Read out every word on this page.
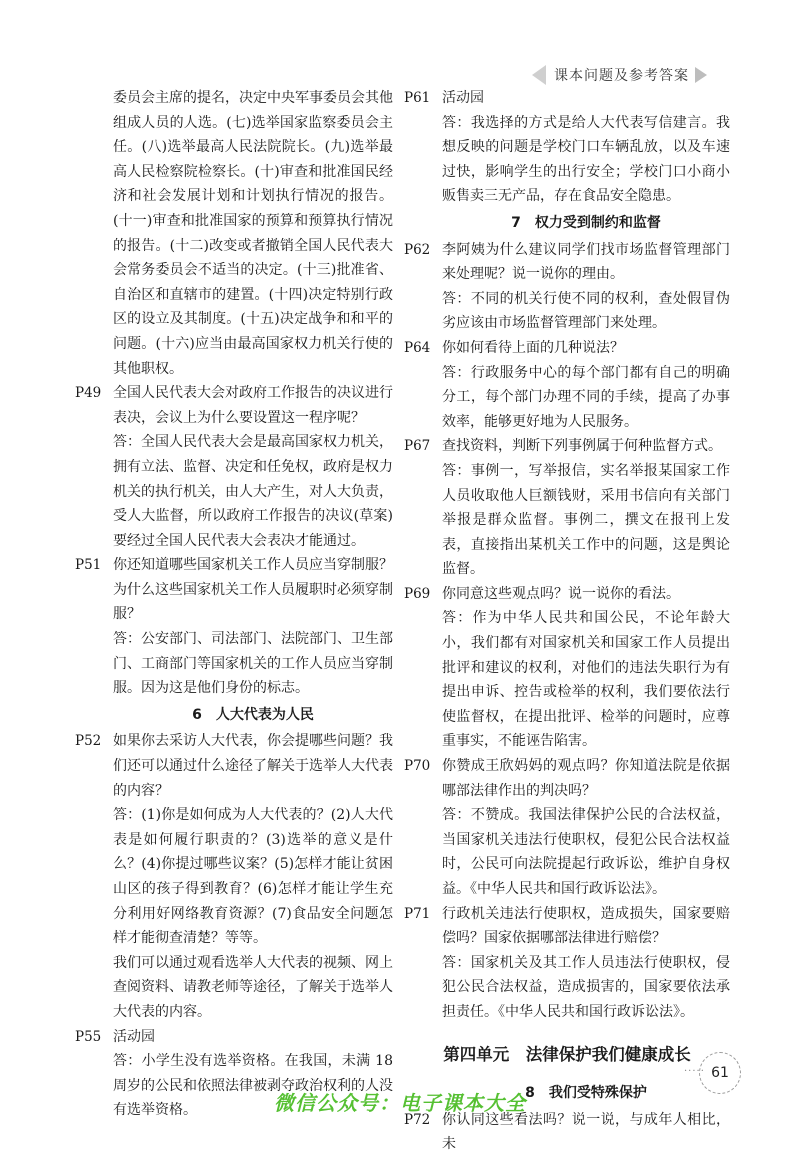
课本问题及参考答案
委员会主席的提名，决定中央军事委员会其他组成人员的人选。(七)选举国家监察委员会主任。(八)选举最高人民法院院长。(九)选举最高人民检察院检察长。(十)审查和批准国民经济和社会发展计划和计划执行情况的报告。(十一)审查和批准国家的预算和预算执行情况的报告。(十二)改变或者撤销全国人民代表大会常务委员会不适当的决定。(十三)批准省、自治区和直辖市的建置。(十四)决定特别行政区的设立及其制度。(十五)决定战争和和平的问题。(十六)应当由最高国家权力机关行使的其他职权。
P49 全国人民代表大会对政府工作报告的决议进行表决，会议上为什么要设置这一程序呢？
答：全国人民代表大会是最高国家权力机关，拥有立法、监督、决定和任免权，政府是权力机关的执行机关，由人大产生，对人大负责，受人大监督，所以政府工作报告的决议(草案)要经过全国人民代表大会表决才能通过。
P51 你还知道哪些国家机关工作人员应当穿制服？为什么这些国家机关工作人员履职时必须穿制服？
答：公安部门、司法部门、法院部门、卫生部门、工商部门等国家机关的工作人员应当穿制服。因为这是他们身份的标志。
6　人大代表为人民
P52 如果你去采访人大代表，你会提哪些问题？我们还可以通过什么途径了解关于选举人大代表的内容？
答：(1)你是如何成为人大代表的？(2)人大代表是如何履行职责的？(3)选举的意义是什么？(4)你提过哪些议案？(5)怎样才能让贫困山区的孩子得到教育？(6)怎样才能让学生充分利用好网络教育资源？(7)食品安全问题怎样才能彻查清楚？等等。
我们可以通过观看选举人大代表的视频、网上查阅资料、请教老师等途径，了解关于选举人大代表的内容。
P55 活动园
答：小学生没有选举资格。在我国，未满 18 周岁的公民和依照法律被剥夺政治权利的人没有选举资格。
P61 活动园
答：我选择的方式是给人大代表写信建言。我想反映的问题是学校门口车辆乱放，以及车速过快，影响学生的出行安全；学校门口小商小贩售卖三无产品，存在食品安全隐患。
7　权力受到制约和监督
P62 李阿姨为什么建议同学们找市场监督管理部门来处理呢？说一说你的理由。
答：不同的机关行使不同的权利，查处假冒伪劣应该由市场监督管理部门来处理。
P64 你如何看待上面的几种说法？
答：行政服务中心的每个部门都有自己的明确分工，每个部门办理不同的手续，提高了办事效率，能够更好地为人民服务。
P67 查找资料，判断下列事例属于何种监督方式。
答：事例一，写举报信，实名举报某国家工作人员收取他人巨额钱财，采用书信向有关部门举报是群众监督。事例二，撰文在报刊上发表，直接指出某机关工作中的问题，这是舆论监督。
P69 你同意这些观点吗？说一说你的看法。
答：作为中华人民共和国公民，不论年龄大小，我们都有对国家机关和国家工作人员提出批评和建议的权利，对他们的违法失职行为有提出申诉、控告或检举的权利，我们要依法行使监督权，在提出批评、检举的问题时，应尊重事实，不能诬告陷害。
P70 你赞成王欣妈妈的观点吗？你知道法院是依据哪部法律作出的判决吗？
答：不赞成。我国法律保护公民的合法权益，当国家机关违法行使职权，侵犯公民合法权益时，公民可向法院提起行政诉讼，维护自身权益。《中华人民共和国行政诉讼法》。
P71 行政机关违法行使职权，造成损失，国家要赔偿吗？国家依据哪部法律进行赔偿？
答：国家机关及其工作人员违法行使职权，侵犯公民合法权益，造成损害的，国家要依法承担责任。《中华人民共和国行政诉讼法》。
第四单元　法律保护我们健康成长
8　我们受特殊保护
P72 你认同这些看法吗？说一说，与成年人相比，未
····· 61
微信公众号：电子课本大全
